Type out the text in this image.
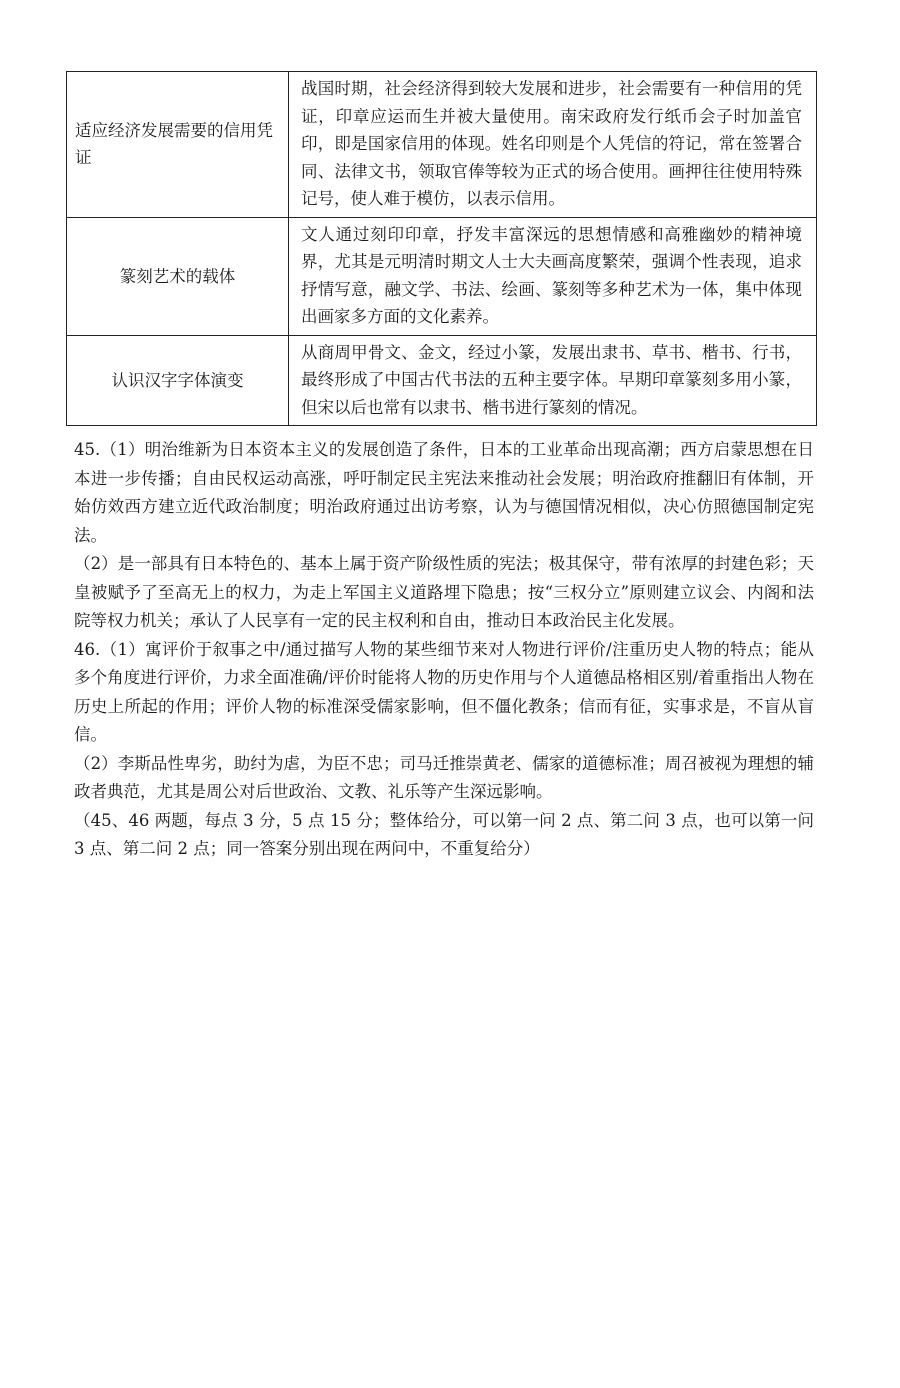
适应经济发展需要的信用凭证	战国时期，社会经济得到较大发展和进步，社会需要有一种信用的凭证，印章应运而生并被大量使用。南宋政府发行纸币会子时加盖官印，即是国家信用的体现。姓名印则是个人凭信的符记，常在签署合同、法律文书，领取官俸等较为正式的场合使用。画押往往使用特殊记号，使人难于模仿，以表示信用。
篆刻艺术的载体	文人通过刻印印章，抒发丰富深远的思想情感和高雅幽妙的精神境界，尤其是元明清时期文人士大夫画高度繁荣，强调个性表现，追求抒情写意，融文学、书法、绘画、篆刻等多种艺术为一体，集中体现出画家多方面的文化素养。
认识汉字字体演变	从商周甲骨文、金文，经过小篆，发展出隶书、草书、楷书、行书，最终形成了中国古代书法的五种主要字体。早期印章篆刻多用小篆，但宋以后也常有以隶书、楷书进行篆刻的情况。

45.（1）明治维新为日本资本主义的发展创造了条件，日本的工业革命出现高潮；西方启蒙思想在日本进一步传播；自由民权运动高涨，呼吁制定民主宪法来推动社会发展；明治政府推翻旧有体制，开始仿效西方建立近代政治制度；明治政府通过出访考察，认为与德国情况相似，决心仿照德国制定宪法。

（2）是一部具有日本特色的、基本上属于资产阶级性质的宪法；极其保守，带有浓厚的封建色彩；天皇被赋予了至高无上的权力，为走上军国主义道路埋下隐患；按“三权分立”原则建立议会、内阁和法院等权力机关；承认了人民享有一定的民主权利和自由，推动日本政治民主化发展。

46.（1）寓评价于叙事之中/通过描写人物的某些细节来对人物进行评价/注重历史人物的特点；能从多个角度进行评价，力求全面准确/评价时能将人物的历史作用与个人道德品格相区别/着重指出人物在历史上所起的作用；评价人物的标准深受儒家影响，但不僵化教条；信而有征，实事求是，不盲从盲信。

（2）李斯品性卑劣，助纣为虐，为臣不忠；司马迁推崇黄老、儒家的道德标准；周召被视为理想的辅政者典范，尤其是周公对后世政治、文教、礼乐等产生深远影响。

（45、46 两题，每点 3 分，5 点 15 分；整体给分，可以第一问 2 点、第二问 3 点，也可以第一问 3 点、第二问 2 点；同一答案分别出现在两问中，不重复给分）
